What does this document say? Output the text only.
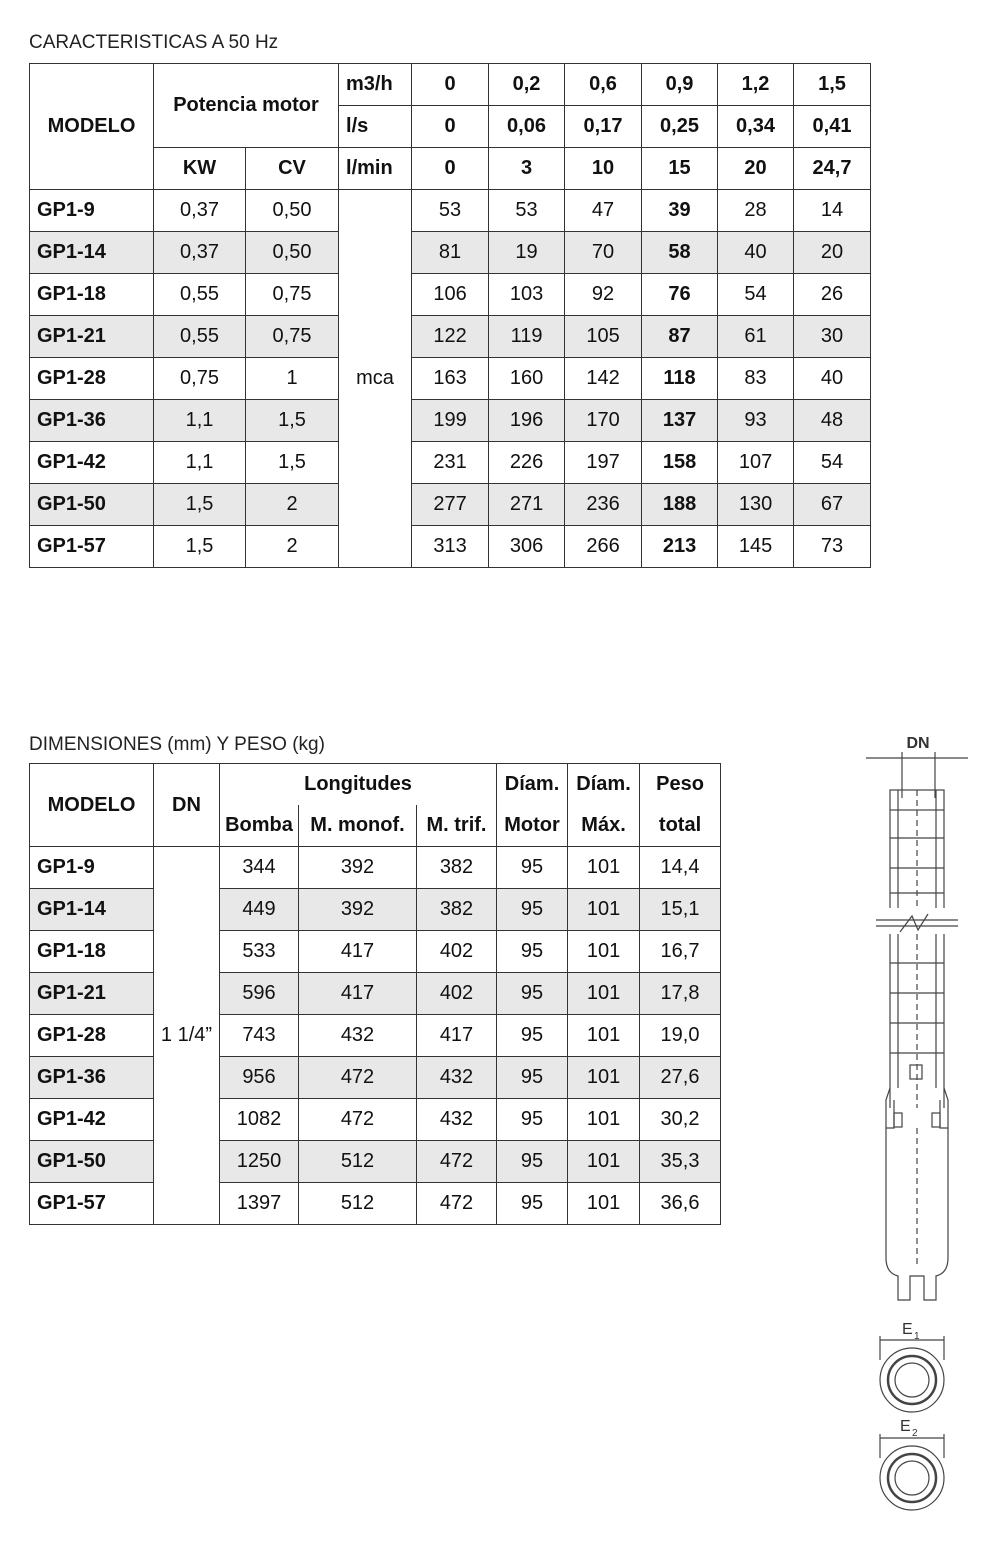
CARACTERISTICAS A 50 Hz
MODELO	Potencia motor		m3/h	0	0,2	0,6	0,9	1,2	1,5
			l/s	0	0,06	0,17	0,25	0,34	0,41
	KW	CV	l/min	0	3	10	15	20	24,7
GP1-9	0,37	0,50	mca	53	53	47	39	28	14
GP1-14	0,37	0,50		81	19	70	58	40	20
GP1-18	0,55	0,75		106	103	92	76	54	26
GP1-21	0,55	0,75		122	119	105	87	61	30
GP1-28	0,75	1		163	160	142	118	83	40
GP1-36	1,1	1,5		199	196	170	137	93	48
GP1-42	1,1	1,5		231	226	197	158	107	54
GP1-50	1,5	2		277	271	236	188	130	67
GP1-57	1,5	2		313	306	266	213	145	73
DIMENSIONES (mm) Y PESO (kg)
MODELO	DN	Longitudes			Díam.	Díam.	Peso
		Bomba	M. monof.	M. trif.	Motor	Máx.	total
GP1-9	1 1/4”	344	392	382	95	101	14,4
GP1-14		449	392	382	95	101	15,1
GP1-18		533	417	402	95	101	16,7
GP1-21		596	417	402	95	101	17,8
GP1-28		743	432	417	95	101	19,0
GP1-36		956	472	432	95	101	27,6
GP1-42		1082	472	432	95	101	30,2
GP1-50		1250	512	472	95	101	35,3
GP1-57		1397	512	472	95	101	36,6
DN
E 1
E 2
